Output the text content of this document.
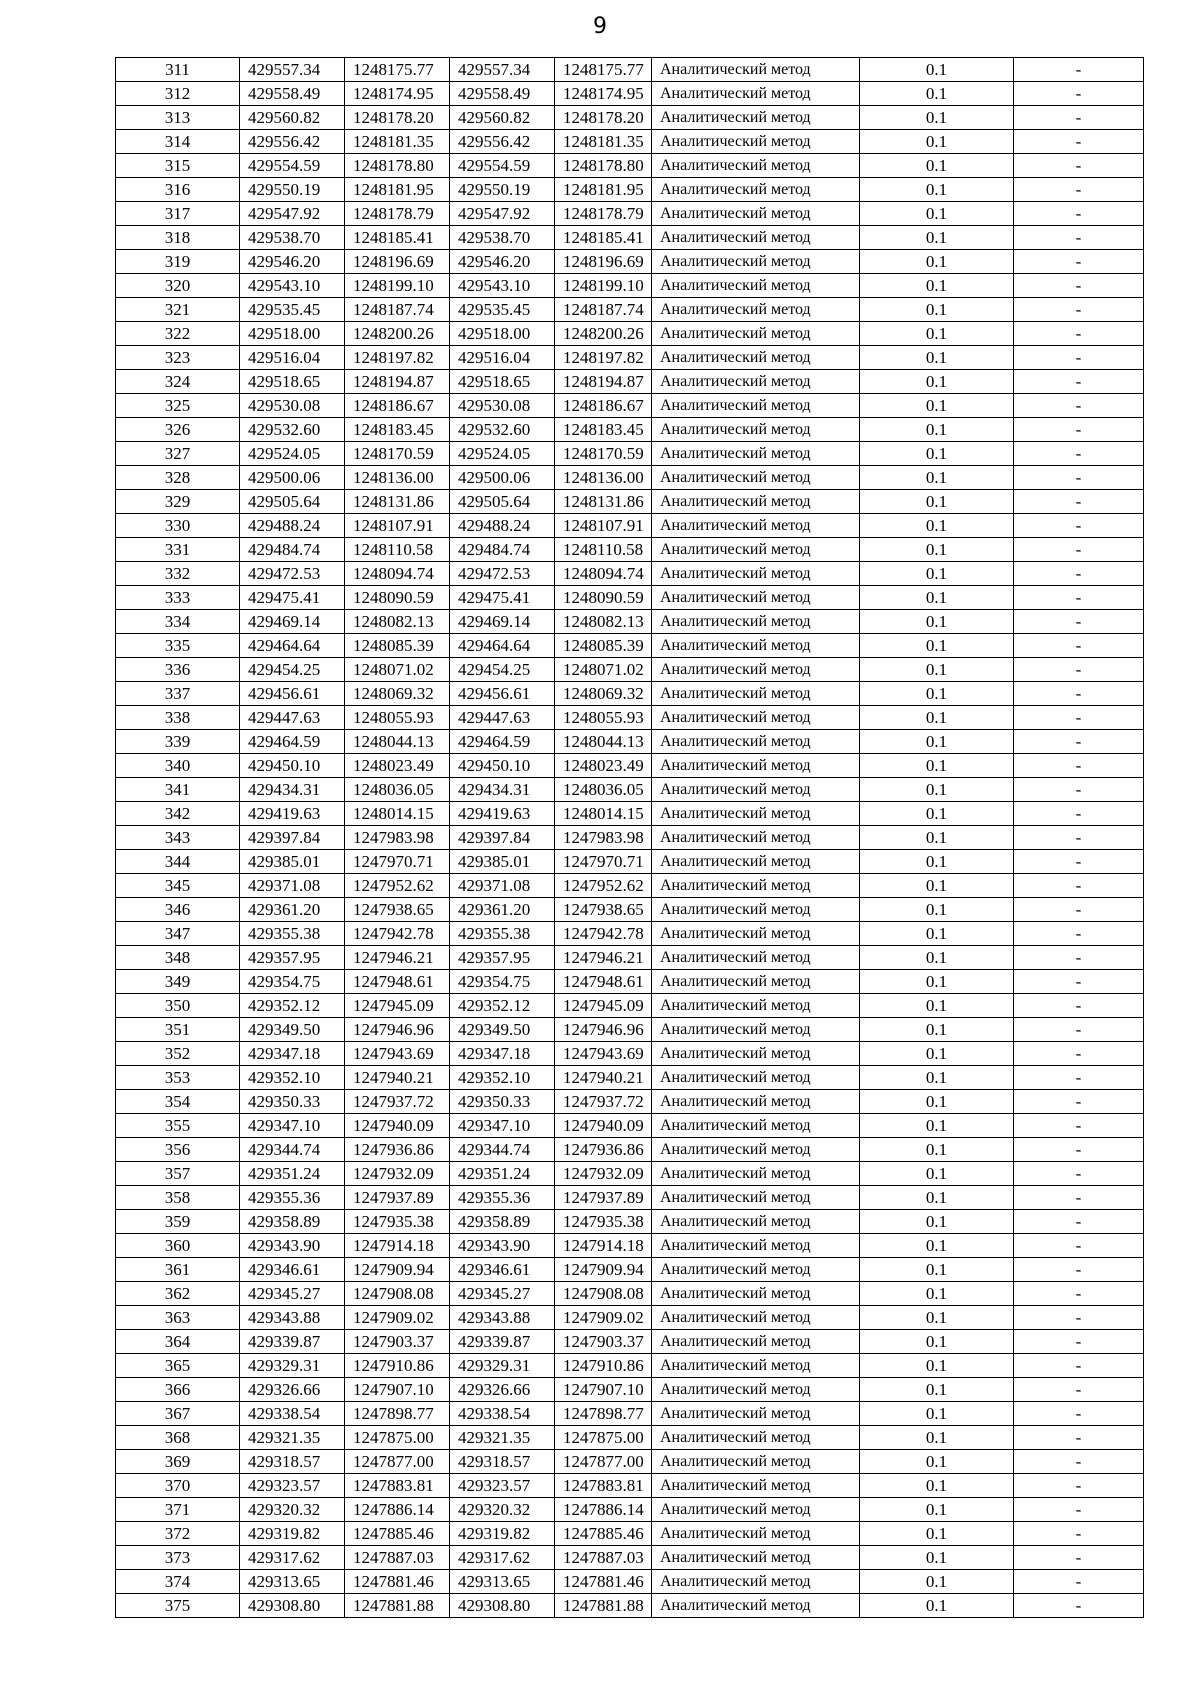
9
311	429557.34	1248175.77	429557.34	1248175.77	Аналитический метод	0.1	-
312	429558.49	1248174.95	429558.49	1248174.95	Аналитический метод	0.1	-
313	429560.82	1248178.20	429560.82	1248178.20	Аналитический метод	0.1	-
314	429556.42	1248181.35	429556.42	1248181.35	Аналитический метод	0.1	-
315	429554.59	1248178.80	429554.59	1248178.80	Аналитический метод	0.1	-
316	429550.19	1248181.95	429550.19	1248181.95	Аналитический метод	0.1	-
317	429547.92	1248178.79	429547.92	1248178.79	Аналитический метод	0.1	-
318	429538.70	1248185.41	429538.70	1248185.41	Аналитический метод	0.1	-
319	429546.20	1248196.69	429546.20	1248196.69	Аналитический метод	0.1	-
320	429543.10	1248199.10	429543.10	1248199.10	Аналитический метод	0.1	-
321	429535.45	1248187.74	429535.45	1248187.74	Аналитический метод	0.1	-
322	429518.00	1248200.26	429518.00	1248200.26	Аналитический метод	0.1	-
323	429516.04	1248197.82	429516.04	1248197.82	Аналитический метод	0.1	-
324	429518.65	1248194.87	429518.65	1248194.87	Аналитический метод	0.1	-
325	429530.08	1248186.67	429530.08	1248186.67	Аналитический метод	0.1	-
326	429532.60	1248183.45	429532.60	1248183.45	Аналитический метод	0.1	-
327	429524.05	1248170.59	429524.05	1248170.59	Аналитический метод	0.1	-
328	429500.06	1248136.00	429500.06	1248136.00	Аналитический метод	0.1	-
329	429505.64	1248131.86	429505.64	1248131.86	Аналитический метод	0.1	-
330	429488.24	1248107.91	429488.24	1248107.91	Аналитический метод	0.1	-
331	429484.74	1248110.58	429484.74	1248110.58	Аналитический метод	0.1	-
332	429472.53	1248094.74	429472.53	1248094.74	Аналитический метод	0.1	-
333	429475.41	1248090.59	429475.41	1248090.59	Аналитический метод	0.1	-
334	429469.14	1248082.13	429469.14	1248082.13	Аналитический метод	0.1	-
335	429464.64	1248085.39	429464.64	1248085.39	Аналитический метод	0.1	-
336	429454.25	1248071.02	429454.25	1248071.02	Аналитический метод	0.1	-
337	429456.61	1248069.32	429456.61	1248069.32	Аналитический метод	0.1	-
338	429447.63	1248055.93	429447.63	1248055.93	Аналитический метод	0.1	-
339	429464.59	1248044.13	429464.59	1248044.13	Аналитический метод	0.1	-
340	429450.10	1248023.49	429450.10	1248023.49	Аналитический метод	0.1	-
341	429434.31	1248036.05	429434.31	1248036.05	Аналитический метод	0.1	-
342	429419.63	1248014.15	429419.63	1248014.15	Аналитический метод	0.1	-
343	429397.84	1247983.98	429397.84	1247983.98	Аналитический метод	0.1	-
344	429385.01	1247970.71	429385.01	1247970.71	Аналитический метод	0.1	-
345	429371.08	1247952.62	429371.08	1247952.62	Аналитический метод	0.1	-
346	429361.20	1247938.65	429361.20	1247938.65	Аналитический метод	0.1	-
347	429355.38	1247942.78	429355.38	1247942.78	Аналитический метод	0.1	-
348	429357.95	1247946.21	429357.95	1247946.21	Аналитический метод	0.1	-
349	429354.75	1247948.61	429354.75	1247948.61	Аналитический метод	0.1	-
350	429352.12	1247945.09	429352.12	1247945.09	Аналитический метод	0.1	-
351	429349.50	1247946.96	429349.50	1247946.96	Аналитический метод	0.1	-
352	429347.18	1247943.69	429347.18	1247943.69	Аналитический метод	0.1	-
353	429352.10	1247940.21	429352.10	1247940.21	Аналитический метод	0.1	-
354	429350.33	1247937.72	429350.33	1247937.72	Аналитический метод	0.1	-
355	429347.10	1247940.09	429347.10	1247940.09	Аналитический метод	0.1	-
356	429344.74	1247936.86	429344.74	1247936.86	Аналитический метод	0.1	-
357	429351.24	1247932.09	429351.24	1247932.09	Аналитический метод	0.1	-
358	429355.36	1247937.89	429355.36	1247937.89	Аналитический метод	0.1	-
359	429358.89	1247935.38	429358.89	1247935.38	Аналитический метод	0.1	-
360	429343.90	1247914.18	429343.90	1247914.18	Аналитический метод	0.1	-
361	429346.61	1247909.94	429346.61	1247909.94	Аналитический метод	0.1	-
362	429345.27	1247908.08	429345.27	1247908.08	Аналитический метод	0.1	-
363	429343.88	1247909.02	429343.88	1247909.02	Аналитический метод	0.1	-
364	429339.87	1247903.37	429339.87	1247903.37	Аналитический метод	0.1	-
365	429329.31	1247910.86	429329.31	1247910.86	Аналитический метод	0.1	-
366	429326.66	1247907.10	429326.66	1247907.10	Аналитический метод	0.1	-
367	429338.54	1247898.77	429338.54	1247898.77	Аналитический метод	0.1	-
368	429321.35	1247875.00	429321.35	1247875.00	Аналитический метод	0.1	-
369	429318.57	1247877.00	429318.57	1247877.00	Аналитический метод	0.1	-
370	429323.57	1247883.81	429323.57	1247883.81	Аналитический метод	0.1	-
371	429320.32	1247886.14	429320.32	1247886.14	Аналитический метод	0.1	-
372	429319.82	1247885.46	429319.82	1247885.46	Аналитический метод	0.1	-
373	429317.62	1247887.03	429317.62	1247887.03	Аналитический метод	0.1	-
374	429313.65	1247881.46	429313.65	1247881.46	Аналитический метод	0.1	-
375	429308.80	1247881.88	429308.80	1247881.88	Аналитический метод	0.1	-
